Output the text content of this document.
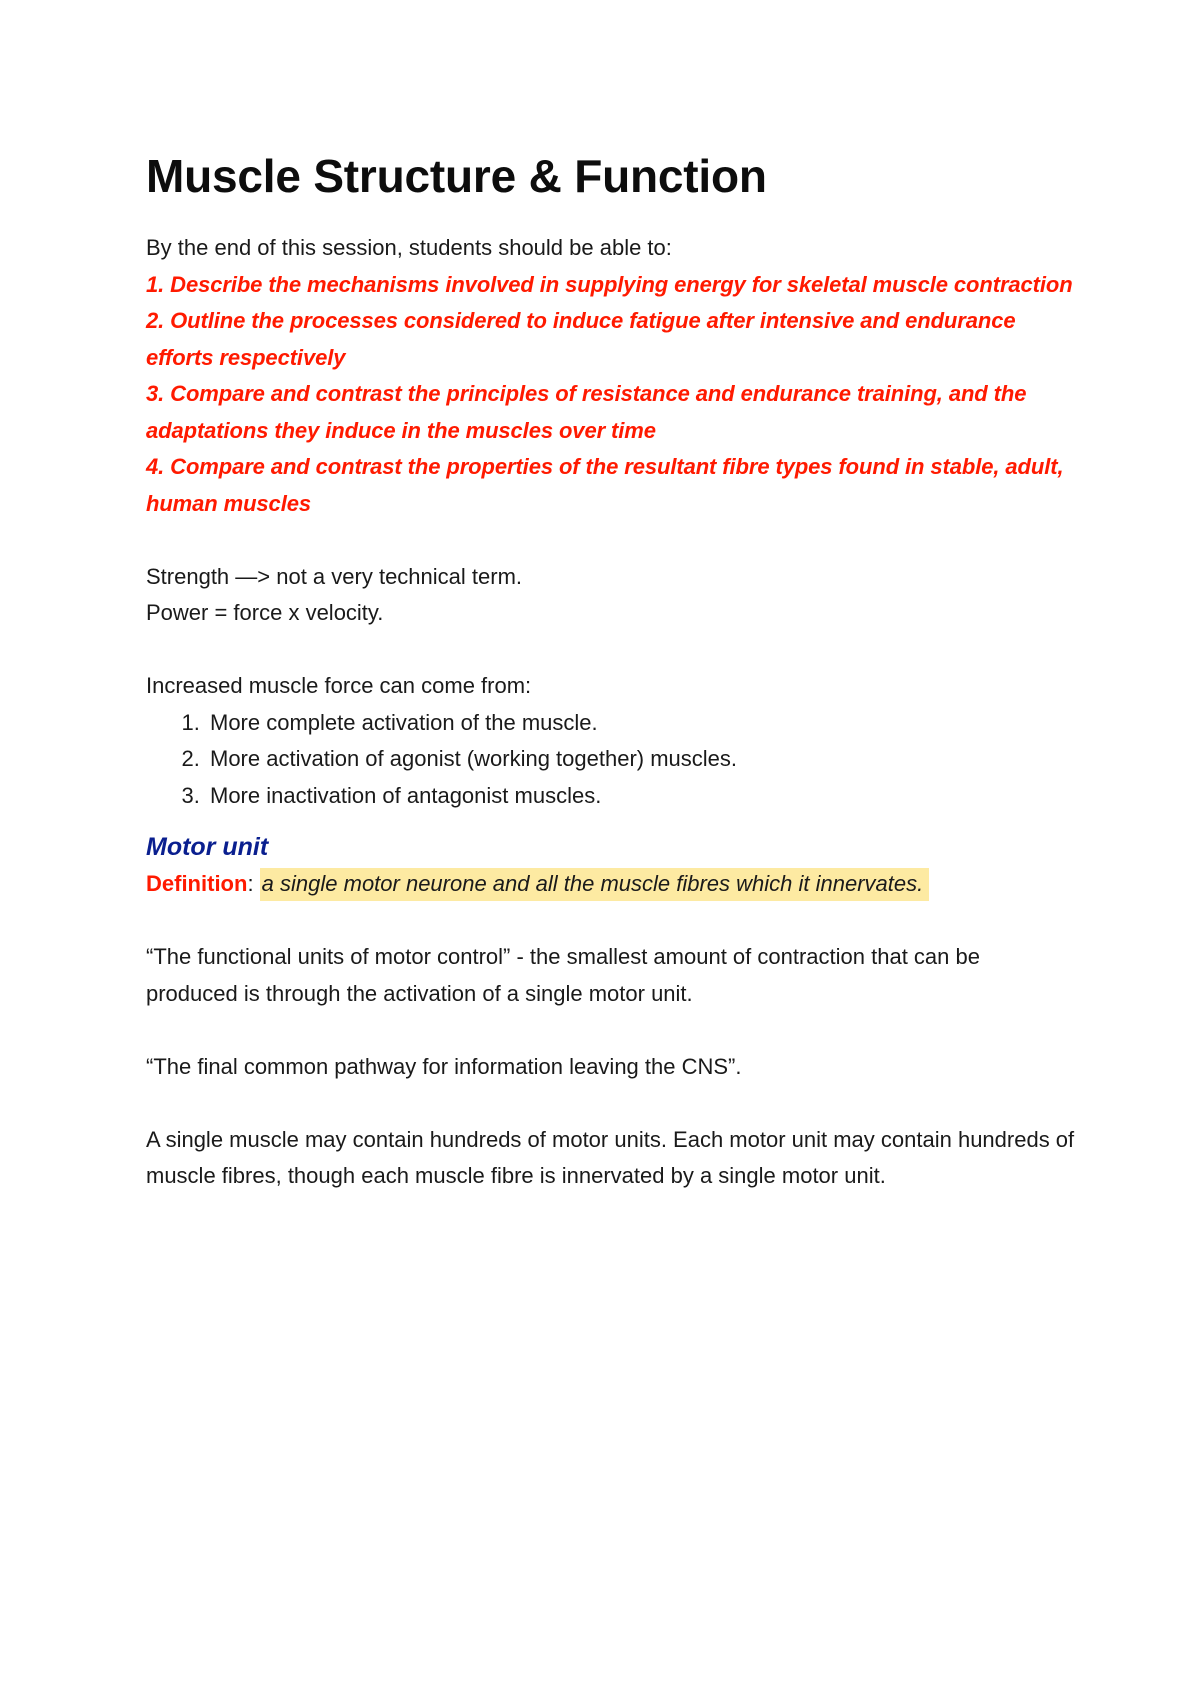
Muscle Structure & Function

By the end of this session, students should be able to:

1. Describe the mechanisms involved in supplying energy for skeletal muscle contraction
2. Outline the processes considered to induce fatigue after intensive and endurance efforts respectively
3. Compare and contrast the principles of resistance and endurance training, and the adaptations they induce in the muscles over time
4. Compare and contrast the properties of the resultant fibre types found in stable, adult, human muscles

Strength —> not a very technical term.

Power = force x velocity.

Increased muscle force can come from:

1. More complete activation of the muscle.
2. More activation of agonist (working together) muscles.
3. More inactivation of antagonist muscles.
Motor unit

Definition: a single motor neurone and all the muscle fibres which it innervates.

“The functional units of motor control” - the smallest amount of contraction that can be produced is through the activation of a single motor unit.

“The final common pathway for information leaving the CNS”.

A single muscle may contain hundreds of motor units. Each motor unit may contain hundreds of muscle fibres, though each muscle fibre is innervated by a single motor unit.
